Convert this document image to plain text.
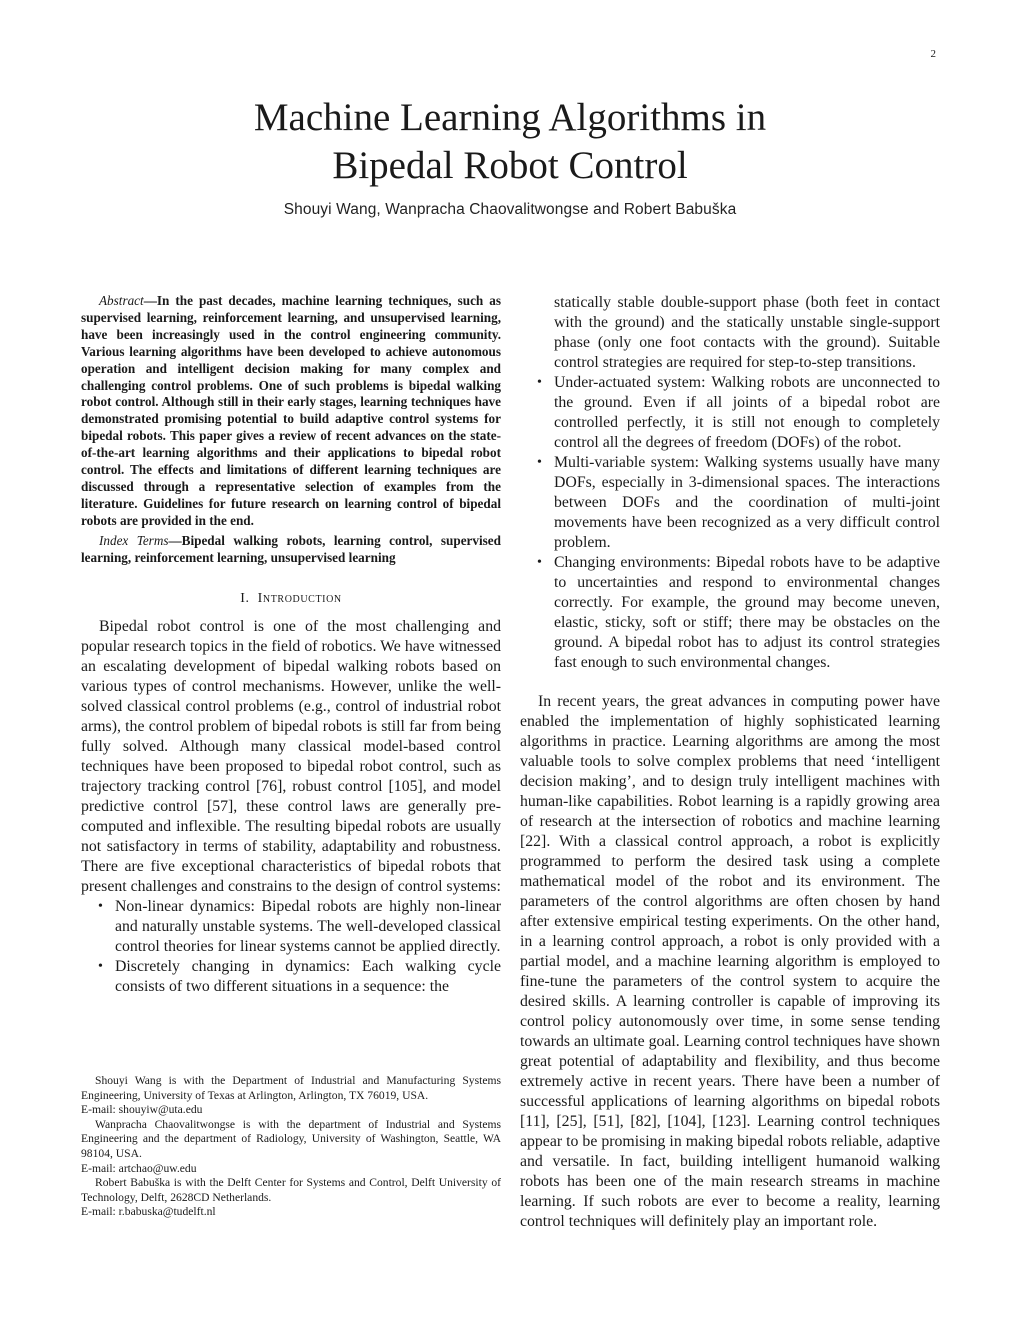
2
Machine Learning Algorithms in
Bipedal Robot Control
Shouyi Wang, Wanpracha Chaovalitwongse and Robert Babuška

Abstract—In the past decades, machine learning techniques, such as supervised learning, reinforcement learning, and unsupervised learning, have been increasingly used in the control engineering community. Various learning algorithms have been developed to achieve autonomous operation and intelligent decision making for many complex and challenging control problems. One of such problems is bipedal walking robot control. Although still in their early stages, learning techniques have demonstrated promising potential to build adaptive control systems for bipedal robots. This paper gives a review of recent advances on the state-of-the-art learning algorithms and their applications to bipedal robot control. The effects and limitations of different learning techniques are discussed through a representative selection of examples from the literature. Guidelines for future research on learning control of bipedal robots are provided in the end.

Index Terms—Bipedal walking robots, learning control, supervised learning, reinforcement learning, unsupervised learning

I. Introduction

Bipedal robot control is one of the most challenging and popular research topics in the field of robotics. We have witnessed an escalating development of bipedal walking robots based on various types of control mechanisms. However, unlike the well-solved classical control problems (e.g., control of industrial robot arms), the control problem of bipedal robots is still far from being fully solved. Although many classical model-based control techniques have been proposed to bipedal robot control, such as trajectory tracking control [76], robust control [105], and model predictive control [57], these control laws are generally pre-computed and inflexible. The resulting bipedal robots are usually not satisfactory in terms of stability, adaptability and robustness. There are five exceptional characteristics of bipedal robots that present challenges and constrains to the design of control systems:

• Non-linear dynamics: Bipedal robots are highly non-linear and naturally unstable systems. The well-developed classical control theories for linear systems cannot be applied directly.
• Discretely changing in dynamics: Each walking cycle consists of two different situations in a sequence: the

Shouyi Wang is with the Department of Industrial and Manufacturing Systems Engineering, University of Texas at Arlington, Arlington, TX 76019, USA.

E-mail: shouyiw@uta.edu

Wanpracha Chaovalitwongse is with the department of Industrial and Systems Engineering and the department of Radiology, University of Washington, Seattle, WA 98104, USA.

E-mail: artchao@uw.edu

Robert Babuška is with the Delft Center for Systems and Control, Delft University of Technology, Delft, 2628CD Netherlands.

E-mail: r.babuska@tudelft.nl

statically stable double-support phase (both feet in contact with the ground) and the statically unstable single-support phase (only one foot contacts with the ground). Suitable control strategies are required for step-to-step transitions.
• Under-actuated system: Walking robots are unconnected to the ground. Even if all joints of a bipedal robot are controlled perfectly, it is still not enough to completely control all the degrees of freedom (DOFs) of the robot.
• Multi-variable system: Walking systems usually have many DOFs, especially in 3-dimensional spaces. The interactions between DOFs and the coordination of multi-joint movements have been recognized as a very difficult control problem.
• Changing environments: Bipedal robots have to be adaptive to uncertainties and respond to environmental changes correctly. For example, the ground may become uneven, elastic, sticky, soft or stiff; there may be obstacles on the ground. A bipedal robot has to adjust its control strategies fast enough to such environmental changes.

In recent years, the great advances in computing power have enabled the implementation of highly sophisticated learning algorithms in practice. Learning algorithms are among the most valuable tools to solve complex problems that need ‘intelligent decision making’, and to design truly intelligent machines with human-like capabilities. Robot learning is a rapidly growing area of research at the intersection of robotics and machine learning [22]. With a classical control approach, a robot is explicitly programmed to perform the desired task using a complete mathematical model of the robot and its environment. The parameters of the control algorithms are often chosen by hand after extensive empirical testing experiments. On the other hand, in a learning control approach, a robot is only provided with a partial model, and a machine learning algorithm is employed to fine-tune the parameters of the control system to acquire the desired skills. A learning controller is capable of improving its control policy autonomously over time, in some sense tending towards an ultimate goal. Learning control techniques have shown great potential of adaptability and flexibility, and thus become extremely active in recent years. There have been a number of successful applications of learning algorithms on bipedal robots [11], [25], [51], [82], [104], [123]. Learning control techniques appear to be promising in making bipedal robots reliable, adaptive and versatile. In fact, building intelligent humanoid walking robots has been one of the main research streams in machine learning. If such robots are ever to become a reality, learning control techniques will definitely play an important role.
